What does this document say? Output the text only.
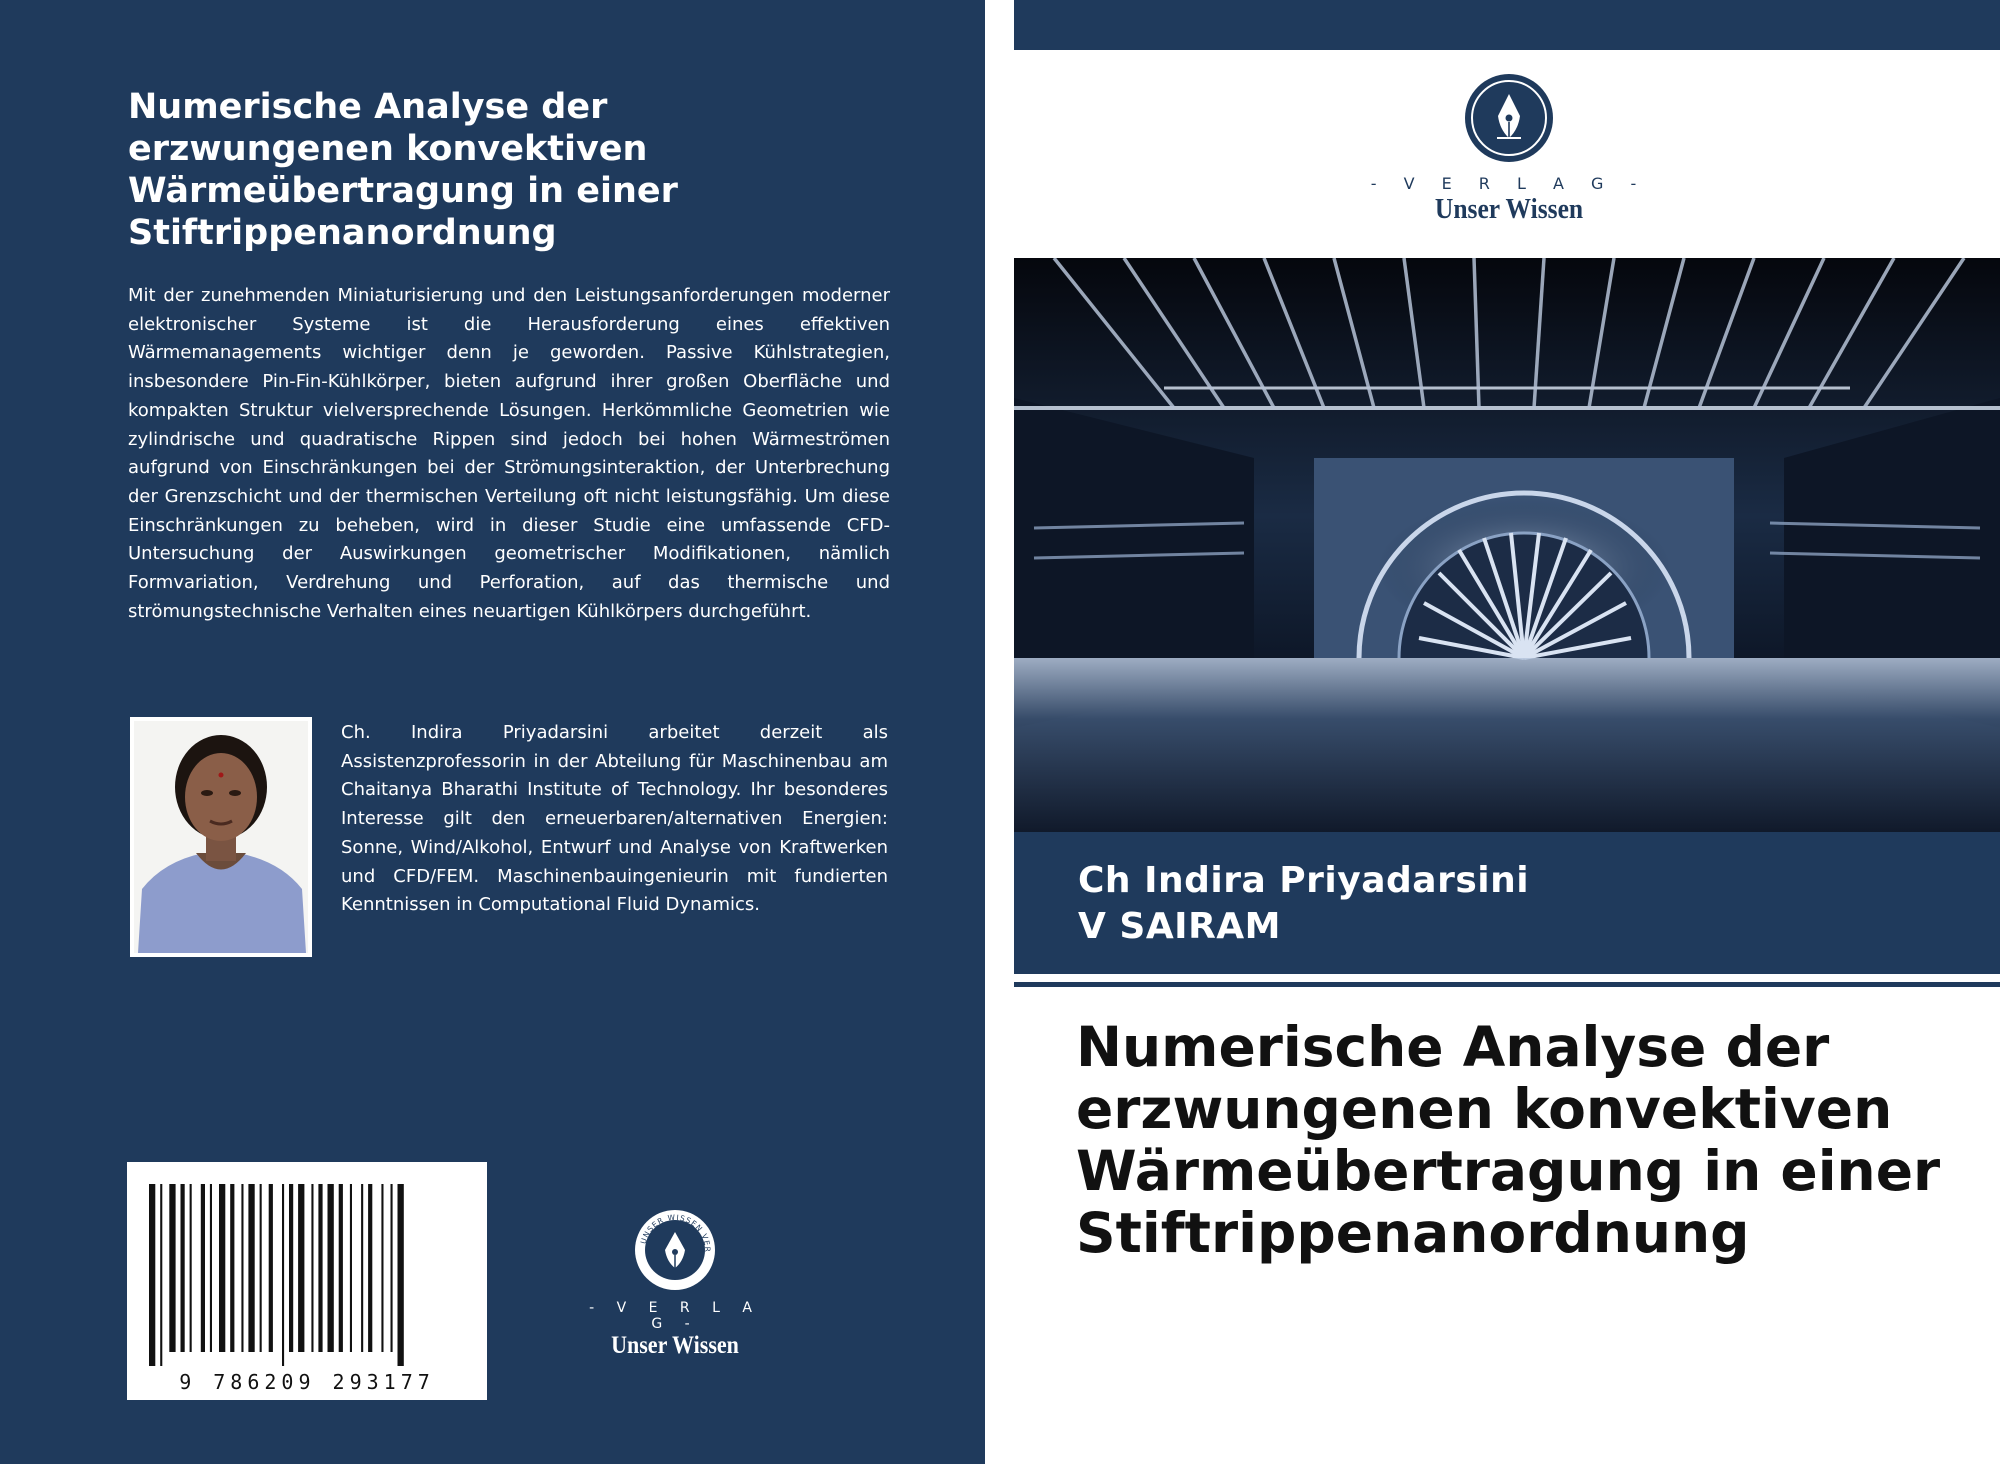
Numerische Analyse der erzwungenen konvektiven Wärmeübertragung in einer Stiftrippenanordnung

Mit der zunehmenden Miniaturisierung und den Leistungsanforderungen moderner elektronischer Systeme ist die Herausforderung eines effektiven Wärmemanagements wichtiger denn je geworden. Passive Kühlstrategien, insbesondere Pin-Fin-Kühlkörper, bieten aufgrund ihrer großen Oberfläche und kompakten Struktur vielversprechende Lösungen. Herkömmliche Geometrien wie zylindrische und quadratische Rippen sind jedoch bei hohen Wärmeströmen aufgrund von Einschränkungen bei der Strömungsinteraktion, der Unterbrechung der Grenzschicht und der thermischen Verteilung oft nicht leistungsfähig. Um diese Einschränkungen zu beheben, wird in dieser Studie eine umfassende CFD-Untersuchung der Auswirkungen geometrischer Modifikationen, nämlich Formvariation, Verdrehung und Perforation, auf das thermische und strömungstechnische Verhalten eines neuartigen Kühlkörpers durchgeführt.

Ch. Indira Priyadarsini arbeitet derzeit als Assistenzprofessorin in der Abteilung für Maschinenbau am Chaitanya Bharathi Institute of Technology. Ihr besonderes Interesse gilt den erneuerbaren/alternativen Energien: Sonne, Wind/Alkohol, Entwurf und Analyse von Kraftwerken und CFD/FEM. Maschinenbauingenieurin mit fundierten Kenntnissen in Computational Fluid Dynamics.

9 786209 293177
UNSER WISSEN VER
- V E R L A G -
Unser Wissen
- V E R L A G -
Unser Wissen

Ch Indira Priyadarsini

V SAIRAM

Numerische Analyse der erzwungenen konvektiven Wärmeübertragung in einer Stiftrippenanordnung
